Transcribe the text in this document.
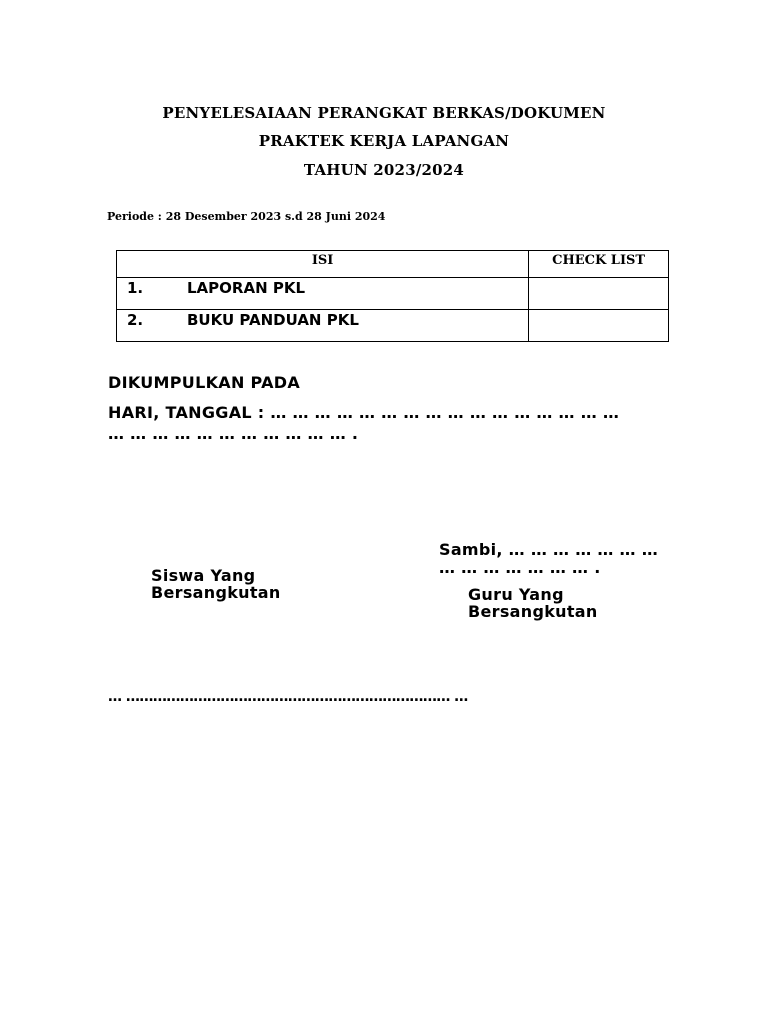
PENYELESAIAAN PERANGKAT BERKAS/DOKUMEN
PRAKTEK KERJA LAPANGAN
TAHUN 2023/2024
Periode : 28 Desember 2023 s.d 28 Juni 2024
ISI	CHECK LIST
1. LAPORAN PKL	
2. BUKU PANDUAN PKL	
DIKUMPULKAN PADA
HARI, TANGGAL : … … … … … … … … … … … … … … … …
… … … … … … … … … … … .
Sambi, … … … … … … …
… … … … … … … .
Siswa Yang Bersangkutan	Guru Yang Bersangkutan
… ……………………………………………………………… …
